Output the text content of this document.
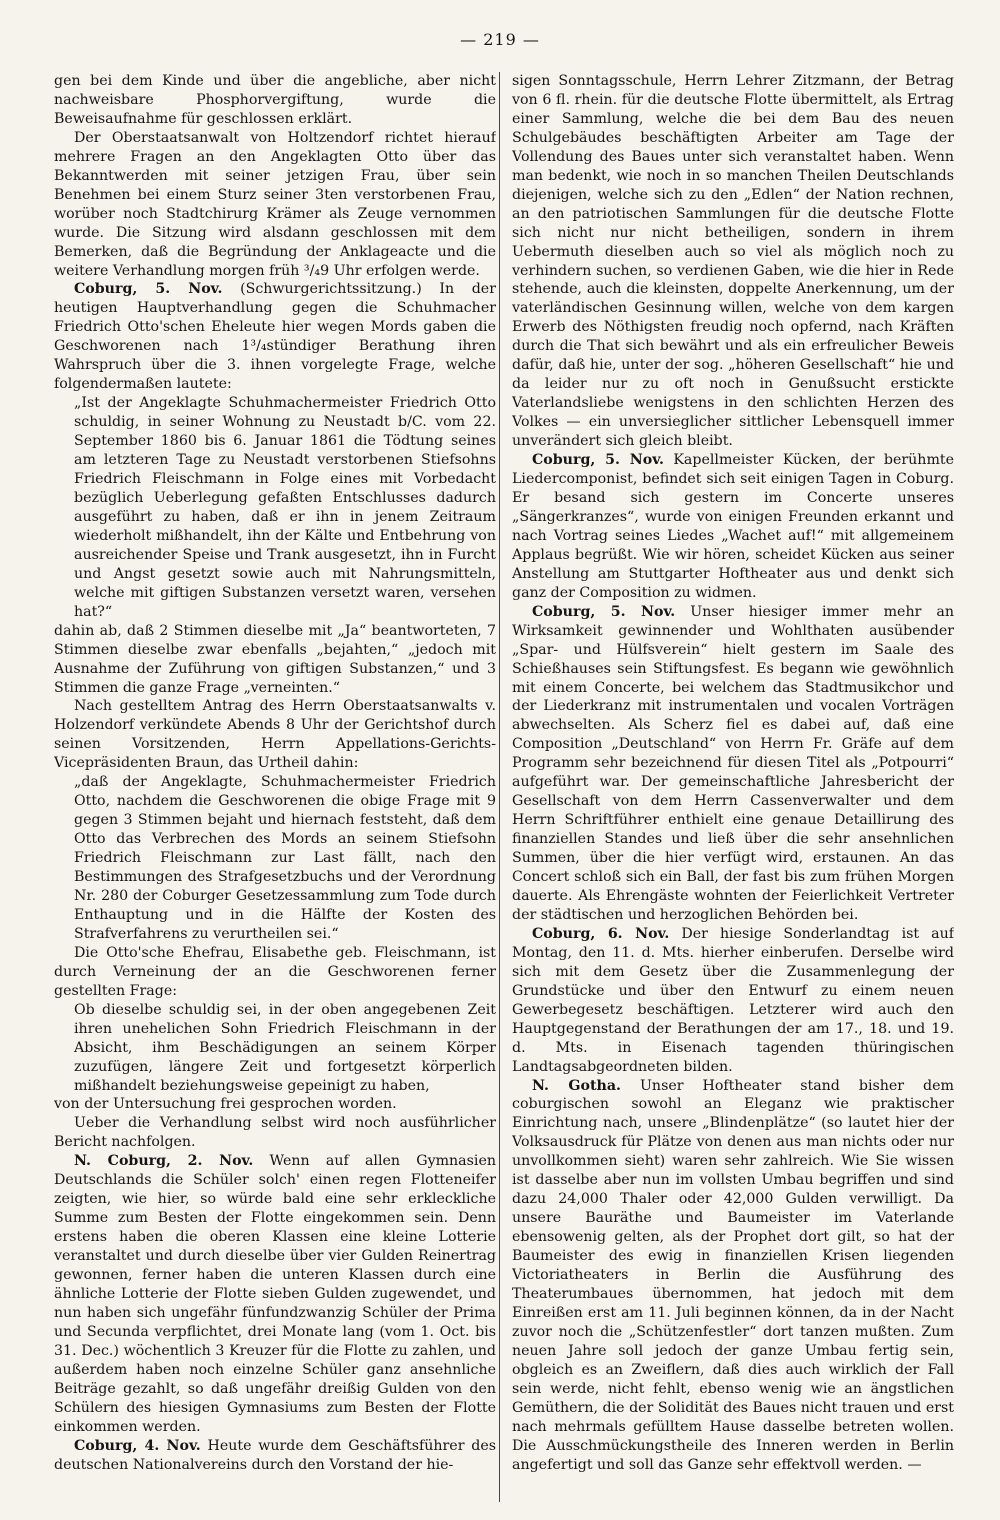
— 219 —

gen bei dem Kinde und über die angebliche, aber nicht nachweisbare Phosphorvergiftung, wurde die Beweisaufnahme für geschlossen erklärt.

Der Oberstaatsanwalt von Holtzendorf richtet hierauf mehrere Fragen an den Angeklagten Otto über das Bekanntwerden mit seiner jetzigen Frau, über sein Benehmen bei einem Sturz seiner 3ten verstorbenen Frau, worüber noch Stadtchirurg Krämer als Zeuge vernommen wurde. Die Sitzung wird alsdann geschlossen mit dem Bemerken, daß die Begründung der Anklageacte und die weitere Verhandlung morgen früh ³/₄9 Uhr erfolgen werde.

Coburg, 5. Nov. (Schwurgerichtssitzung.) In der heutigen Hauptverhandlung gegen die Schuhmacher Friedrich Otto'schen Eheleute hier wegen Mords gaben die Geschworenen nach 1³/₄stündiger Berathung ihren Wahrspruch über die 3. ihnen vorgelegte Frage, welche folgendermaßen lautete:

„Ist der Angeklagte Schuhmachermeister Friedrich Otto schuldig, in seiner Wohnung zu Neustadt b/C. vom 22. September 1860 bis 6. Januar 1861 die Tödtung seines am letzteren Tage zu Neustadt verstorbenen Stiefsohns Friedrich Fleischmann in Folge eines mit Vorbedacht bezüglich Ueberlegung gefaßten Entschlusses dadurch ausgeführt zu haben, daß er ihn in jenem Zeitraum wiederholt mißhandelt, ihn der Kälte und Entbehrung von ausreichender Speise und Trank ausgesetzt, ihn in Furcht und Angst gesetzt sowie auch mit Nahrungsmitteln, welche mit giftigen Substanzen versetzt waren, versehen hat?“

dahin ab, daß 2 Stimmen dieselbe mit „Ja“ beantworteten, 7 Stimmen dieselbe zwar ebenfalls „bejahten,“ „jedoch mit Ausnahme der Zuführung von giftigen Substanzen,“ und 3 Stimmen die ganze Frage „verneinten.“

Nach gestelltem Antrag des Herrn Oberstaatsanwalts v. Holzendorf verkündete Abends 8 Uhr der Gerichtshof durch seinen Vorsitzenden, Herrn Appellations-Gerichts-Vicepräsidenten Braun, das Urtheil dahin:

„daß der Angeklagte, Schuhmachermeister Friedrich Otto, nachdem die Geschworenen die obige Frage mit 9 gegen 3 Stimmen bejaht und hiernach feststeht, daß dem Otto das Verbrechen des Mords an seinem Stiefsohn Friedrich Fleischmann zur Last fällt, nach den Bestimmungen des Strafgesetzbuchs und der Verordnung Nr. 280 der Coburger Gesetzessammlung zum Tode durch Enthauptung und in die Hälfte der Kosten des Strafverfahrens zu verurtheilen sei.“

Die Otto'sche Ehefrau, Elisabethe geb. Fleischmann, ist durch Verneinung der an die Geschworenen ferner gestellten Frage:

Ob dieselbe schuldig sei, in der oben angegebenen Zeit ihren unehelichen Sohn Friedrich Fleischmann in der Absicht, ihm Beschädigungen an seinem Körper zuzufügen, längere Zeit und fortgesetzt körperlich mißhandelt beziehungsweise gepeinigt zu haben,

von der Untersuchung frei gesprochen worden.

Ueber die Verhandlung selbst wird noch ausführlicher Bericht nachfolgen.

N. Coburg, 2. Nov. Wenn auf allen Gymnasien Deutschlands die Schüler solch' einen regen Flotteneifer zeigten, wie hier, so würde bald eine sehr erkleckliche Summe zum Besten der Flotte eingekommen sein. Denn erstens haben die oberen Klassen eine kleine Lotterie veranstaltet und durch dieselbe über vier Gulden Reinertrag gewonnen, ferner haben die unteren Klassen durch eine ähnliche Lotterie der Flotte sieben Gulden zugewendet, und nun haben sich ungefähr fünfundzwanzig Schüler der Prima und Secunda verpflichtet, drei Monate lang (vom 1. Oct. bis 31. Dec.) wöchentlich 3 Kreuzer für die Flotte zu zahlen, und außerdem haben noch einzelne Schüler ganz ansehnliche Beiträge gezahlt, so daß ungefähr dreißig Gulden von den Schülern des hiesigen Gymnasiums zum Besten der Flotte einkommen werden.

Coburg, 4. Nov. Heute wurde dem Geschäftsführer des deutschen Nationalvereins durch den Vorstand der hie-

sigen Sonntagsschule, Herrn Lehrer Zitzmann, der Betrag von 6 fl. rhein. für die deutsche Flotte übermittelt, als Ertrag einer Sammlung, welche die bei dem Bau des neuen Schulgebäudes beschäftigten Arbeiter am Tage der Vollendung des Baues unter sich veranstaltet haben. Wenn man bedenkt, wie noch in so manchen Theilen Deutschlands diejenigen, welche sich zu den „Edlen“ der Nation rechnen, an den patriotischen Sammlungen für die deutsche Flotte sich nicht nur nicht betheiligen, sondern in ihrem Uebermuth dieselben auch so viel als möglich noch zu verhindern suchen, so verdienen Gaben, wie die hier in Rede stehende, auch die kleinsten, doppelte Anerkennung, um der vaterländischen Gesinnung willen, welche von dem kargen Erwerb des Nöthigsten freudig noch opfernd, nach Kräften durch die That sich bewährt und als ein erfreulicher Beweis dafür, daß hie, unter der sog. „höheren Gesellschaft“ hie und da leider nur zu oft noch in Genußsucht erstickte Vaterlandsliebe wenigstens in den schlichten Herzen des Volkes — ein unversieglicher sittlicher Lebensquell immer unverändert sich gleich bleibt.

Coburg, 5. Nov. Kapellmeister Kücken, der berühmte Liedercomponist, befindet sich seit einigen Tagen in Coburg. Er besand sich gestern im Concerte unseres „Sängerkranzes“, wurde von einigen Freunden erkannt und nach Vortrag seines Liedes „Wachet auf!“ mit allgemeinem Applaus begrüßt. Wie wir hören, scheidet Kücken aus seiner Anstellung am Stuttgarter Hoftheater aus und denkt sich ganz der Composition zu widmen.

Coburg, 5. Nov. Unser hiesiger immer mehr an Wirksamkeit gewinnender und Wohlthaten ausübender „Spar- und Hülfsverein“ hielt gestern im Saale des Schießhauses sein Stiftungsfest. Es begann wie gewöhnlich mit einem Concerte, bei welchem das Stadtmusikchor und der Liederkranz mit instrumentalen und vocalen Vorträgen abwechselten. Als Scherz fiel es dabei auf, daß eine Composition „Deutschland“ von Herrn Fr. Gräfe auf dem Programm sehr bezeichnend für diesen Titel als „Potpourri“ aufgeführt war. Der gemeinschaftliche Jahresbericht der Gesellschaft von dem Herrn Cassenverwalter und dem Herrn Schriftführer enthielt eine genaue Detaillirung des finanziellen Standes und ließ über die sehr ansehnlichen Summen, über die hier verfügt wird, erstaunen. An das Concert schloß sich ein Ball, der fast bis zum frühen Morgen dauerte. Als Ehrengäste wohnten der Feierlichkeit Vertreter der städtischen und herzoglichen Behörden bei.

Coburg, 6. Nov. Der hiesige Sonderlandtag ist auf Montag, den 11. d. Mts. hierher einberufen. Derselbe wird sich mit dem Gesetz über die Zusammenlegung der Grundstücke und über den Entwurf zu einem neuen Gewerbegesetz beschäftigen. Letzterer wird auch den Hauptgegenstand der Berathungen der am 17., 18. und 19. d. Mts. in Eisenach tagenden thüringischen Landtagsabgeordneten bilden.

N. Gotha. Unser Hoftheater stand bisher dem coburgischen sowohl an Eleganz wie praktischer Einrichtung nach, unsere „Blindenplätze“ (so lautet hier der Volksausdruck für Plätze von denen aus man nichts oder nur unvollkommen sieht) waren sehr zahlreich. Wie Sie wissen ist dasselbe aber nun im vollsten Umbau begriffen und sind dazu 24,000 Thaler oder 42,000 Gulden verwilligt. Da unsere Bauräthe und Baumeister im Vaterlande ebensowenig gelten, als der Prophet dort gilt, so hat der Baumeister des ewig in finanziellen Krisen liegenden Victoriatheaters in Berlin die Ausführung des Theaterumbaues übernommen, hat jedoch mit dem Einreißen erst am 11. Juli beginnen können, da in der Nacht zuvor noch die „Schützenfestler“ dort tanzen mußten. Zum neuen Jahre soll jedoch der ganze Umbau fertig sein, obgleich es an Zweiflern, daß dies auch wirklich der Fall sein werde, nicht fehlt, ebenso wenig wie an ängstlichen Gemüthern, die der Solidität des Baues nicht trauen und erst nach mehrmals gefülltem Hause dasselbe betreten wollen. Die Ausschmückungstheile des Inneren werden in Berlin angefertigt und soll das Ganze sehr effektvoll werden. —
